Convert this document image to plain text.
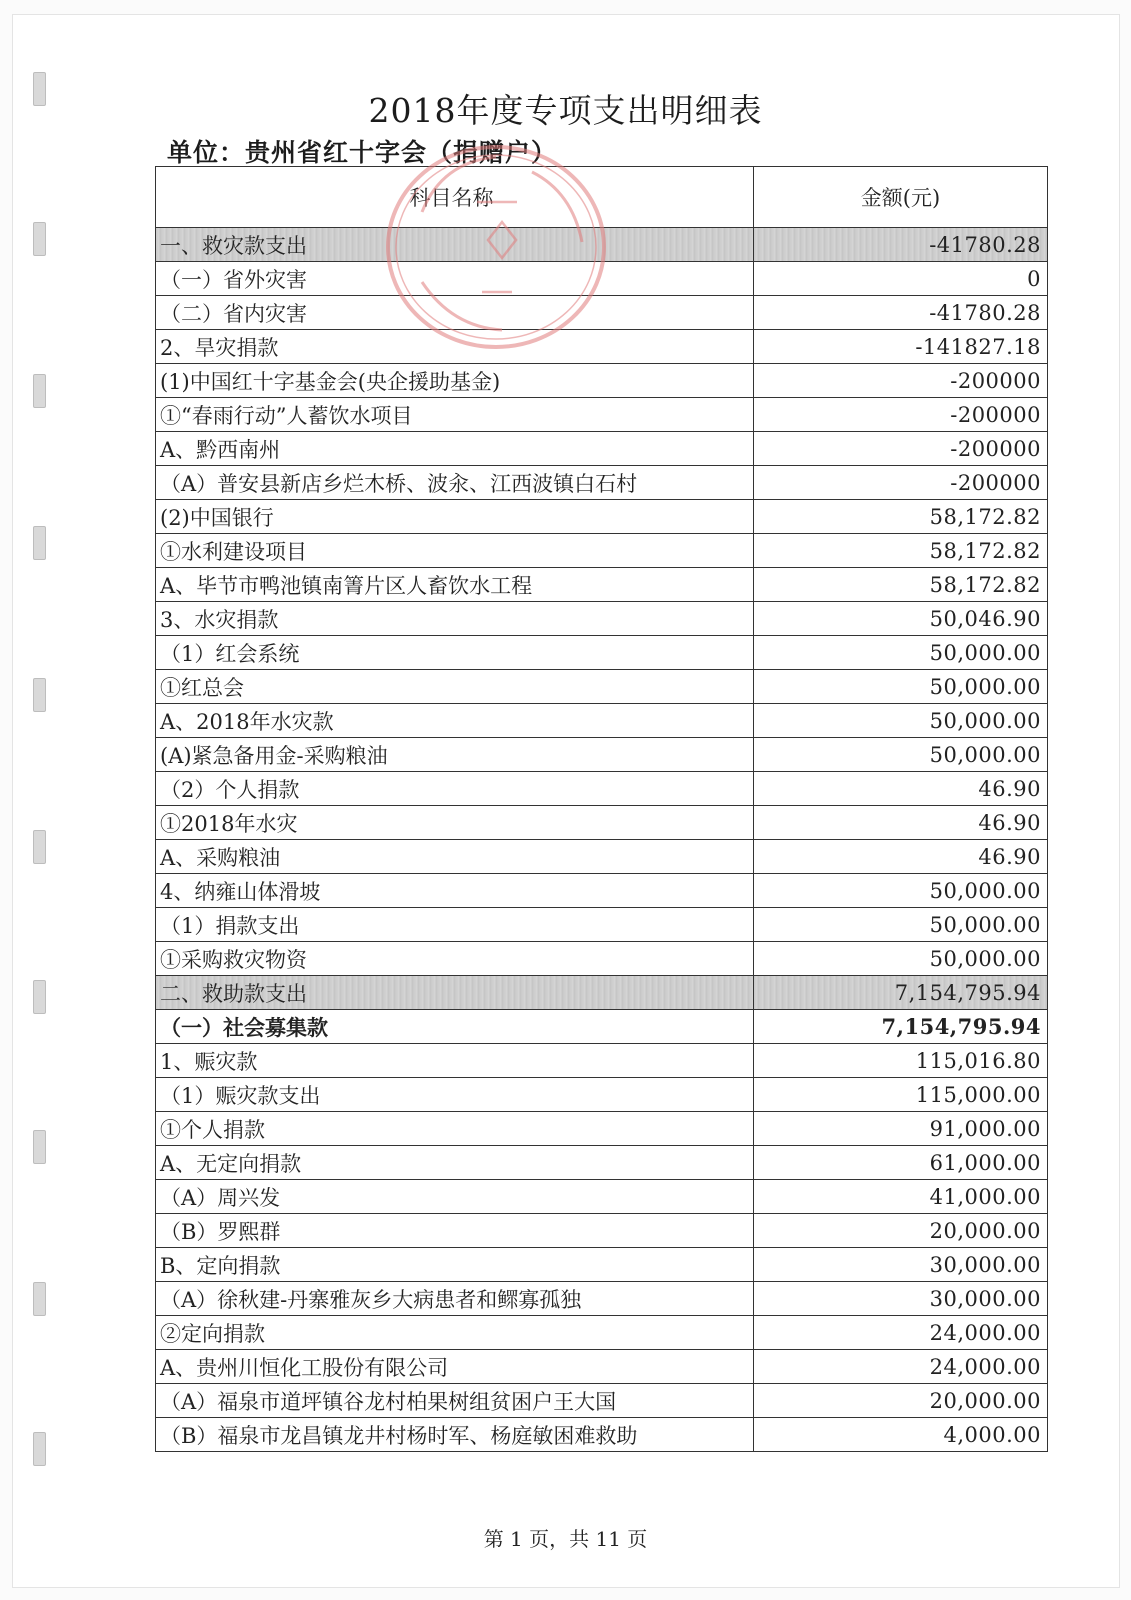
2018年度专项支出明细表
单位：贵州省红十字会（捐赠户）
科目名称	金额(元)
一、救灾款支出	-41780.28
（一）省外灾害	0
（二）省内灾害	-41780.28
2、旱灾捐款	-141827.18
(1)中国红十字基金会(央企援助基金)	-200000
①“春雨行动”人蓄饮水项目	-200000
A、黔西南州	-200000
（A）普安县新店乡烂木桥、波汆、江西波镇白石村	-200000
(2)中国银行	58,172.82
①水利建设项目	58,172.82
A、毕节市鸭池镇南箐片区人畜饮水工程	58,172.82
3、水灾捐款	50,046.90
（1）红会系统	50,000.00
①红总会	50,000.00
A、2018年水灾款	50,000.00
(A)紧急备用金-采购粮油	50,000.00
（2）个人捐款	46.90
①2018年水灾	46.90
A、采购粮油	46.90
4、纳雍山体滑坡	50,000.00
（1）捐款支出	50,000.00
①采购救灾物资	50,000.00
二、救助款支出	7,154,795.94
（一）社会募集款	7,154,795.94
1、赈灾款	115,016.80
（1）赈灾款支出	115,000.00
①个人捐款	91,000.00
A、无定向捐款	61,000.00
（A）周兴发	41,000.00
（B）罗熙群	20,000.00
B、定向捐款	30,000.00
（A）徐秋建-丹寨雅灰乡大病患者和鳏寡孤独	30,000.00
②定向捐款	24,000.00
A、贵州川恒化工股份有限公司	24,000.00
（A）福泉市道坪镇谷龙村柏果树组贫困户王大国	20,000.00
（B）福泉市龙昌镇龙井村杨时军、杨庭敏困难救助	4,000.00
第 1 页，共 11 页
